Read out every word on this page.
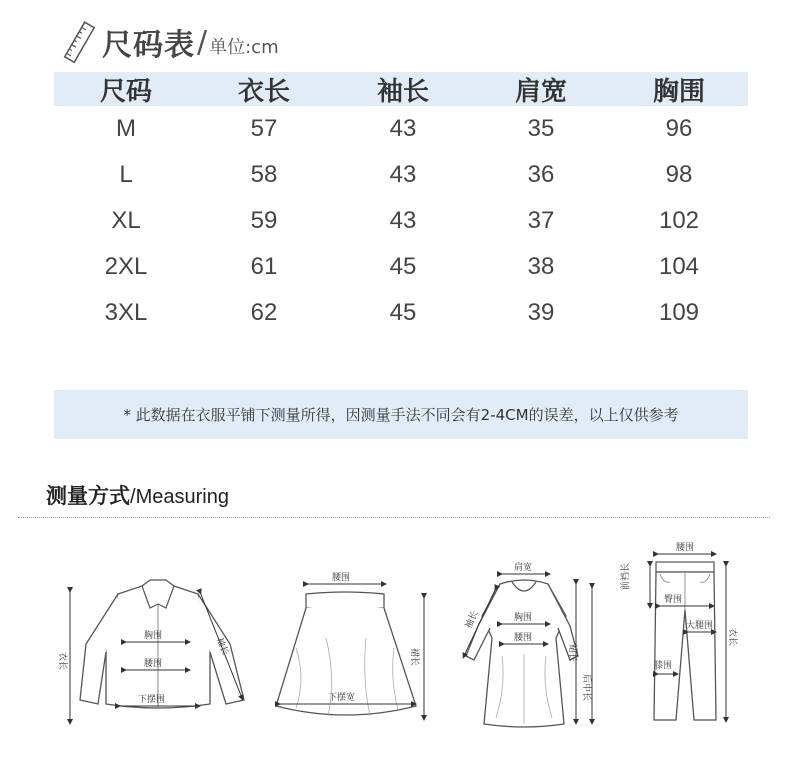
尺码表 / 单位:cm
尺码	衣长	袖长	肩宽	胸围
M	57	43	35	96
L	58	43	36	98
XL	59	43	37	102
2XL	61	45	38	104
3XL	62	45	39	109
* 此数据在衣服平铺下测量所得，因测量手法不同会有2-4CM的误差，以上仅供参考
测量方式 / Measuring
衣长
袖长
胸围
腰围
下摆围
腰围
裙长
下摆宽
肩宽
袖长	胸围
腰围
裙长
后中长
腰围
前裆长
臀围
大腿围
膝围
衣长
